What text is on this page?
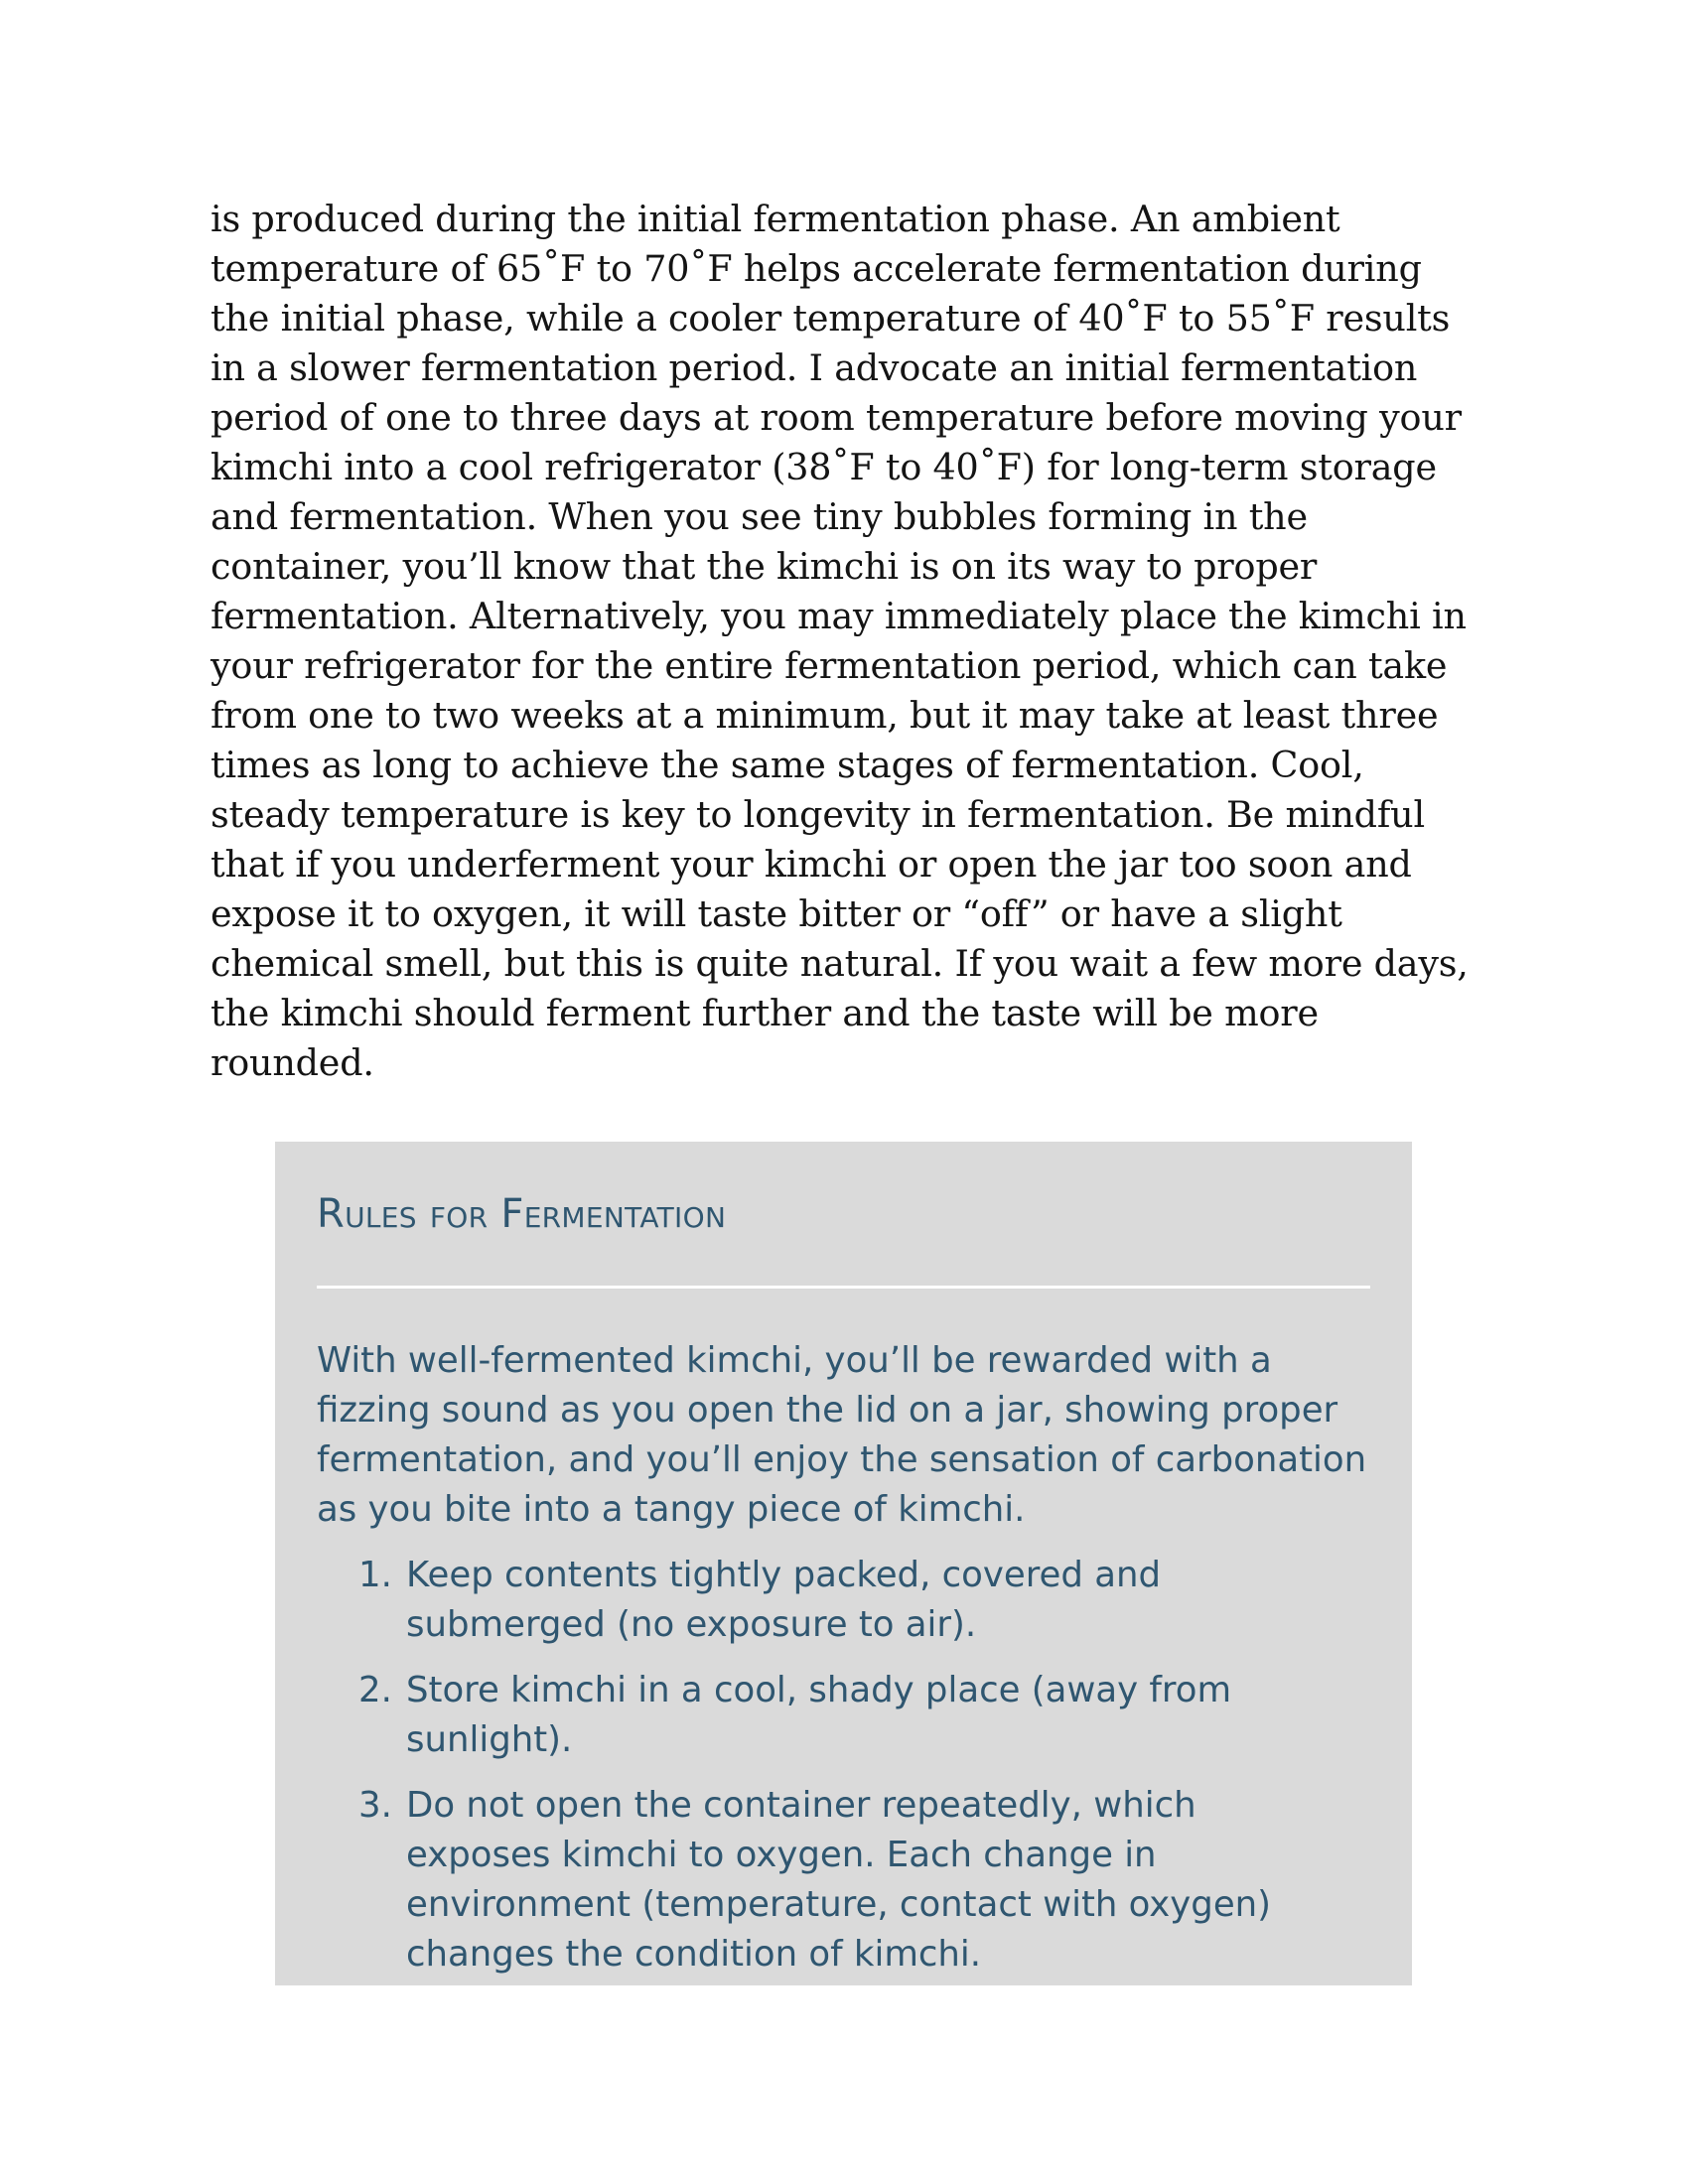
is produced during the initial fermentation phase. An ambient temperature of 65˚F to 70˚F helps accelerate fermentation during the initial phase, while a cooler temperature of 40˚F to 55˚F results in a slower fermentation period. I advocate an initial fermentation period of one to three days at room temperature before moving your kimchi into a cool refrigerator (38˚F to 40˚F) for long-term storage and fermentation. When you see tiny bubbles forming in the container, you’ll know that the kimchi is on its way to proper fermentation. Alternatively, you may immediately place the kimchi in your refrigerator for the entire fermentation period, which can take from one to two weeks at a minimum, but it may take at least three times as long to achieve the same stages of fermentation. Cool, steady temperature is key to longevity in fermentation. Be mindful that if you underferment your kimchi or open the jar too soon and expose it to oxygen, it will taste bitter or “off” or have a slight chemical smell, but this is quite natural. If you wait a few more days, the kimchi should ferment further and the taste will be more rounded.

Rules for Fermentation

With well-fermented kimchi, you’ll be rewarded with a fizzing sound as you open the lid on a jar, showing proper fermentation, and you’ll enjoy the sensation of carbonation as you bite into a tangy piece of kimchi.

1. Keep contents tightly packed, covered and submerged (no exposure to air).
2. Store kimchi in a cool, shady place (away from sunlight).
3. Do not open the container repeatedly, which exposes kimchi to oxygen. Each change in environment (temperature, contact with oxygen) changes the condition of kimchi.
